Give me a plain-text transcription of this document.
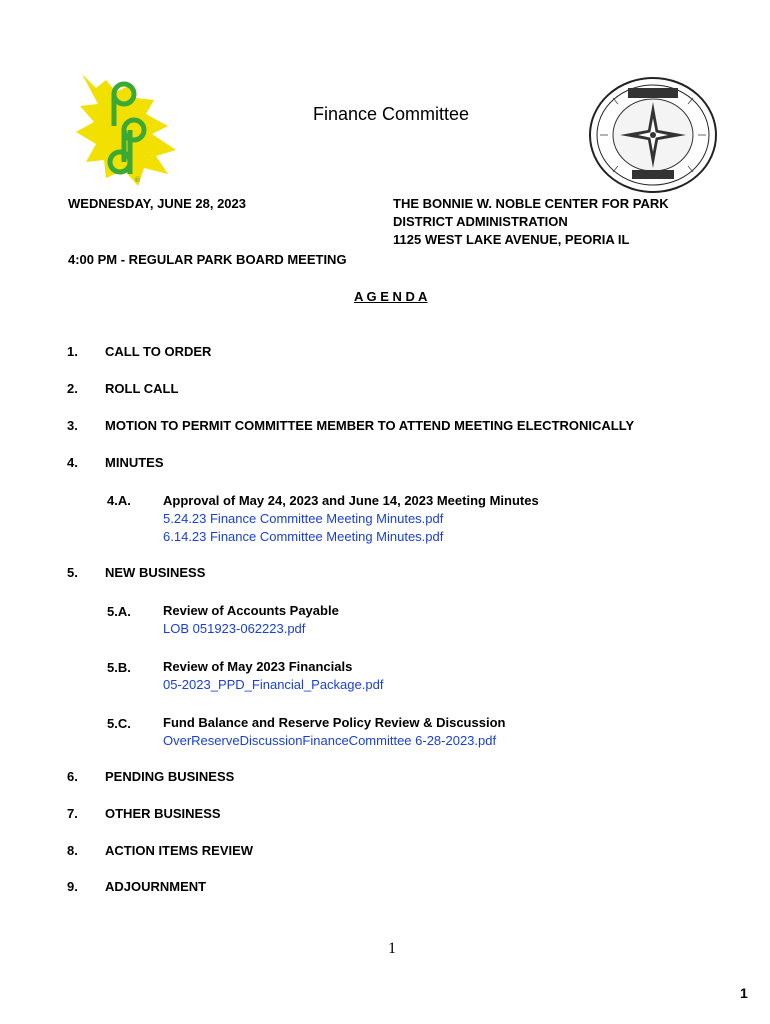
®
Finance Committee
WEDNESDAY, JUNE 28, 2023	THE BONNIE W. NOBLE CENTER FOR PARK
DISTRICT ADMINISTRATION
1125 WEST LAKE AVENUE, PEORIA IL
4:00 PM - REGULAR PARK BOARD MEETING
A G E N D A
1. CALL TO ORDER
2. ROLL CALL
3. MOTION TO PERMIT COMMITTEE MEMBER TO ATTEND MEETING ELECTRONICALLY
4. MINUTES
4.A. Approval of May 24, 2023 and June 14, 2023 Meeting Minutes
5.24.23 Finance Committee Meeting Minutes.pdf
6.14.23 Finance Committee Meeting Minutes.pdf
5. NEW BUSINESS
5.A. Review of Accounts Payable
LOB 051923-062223.pdf
5.B. Review of May 2023 Financials
05-2023_PPD_Financial_Package.pdf
5.C. Fund Balance and Reserve Policy Review & Discussion
OverReserveDiscussionFinanceCommittee 6-28-2023.pdf
6. PENDING BUSINESS
7. OTHER BUSINESS
8. ACTION ITEMS REVIEW
9. ADJOURNMENT
1
1
